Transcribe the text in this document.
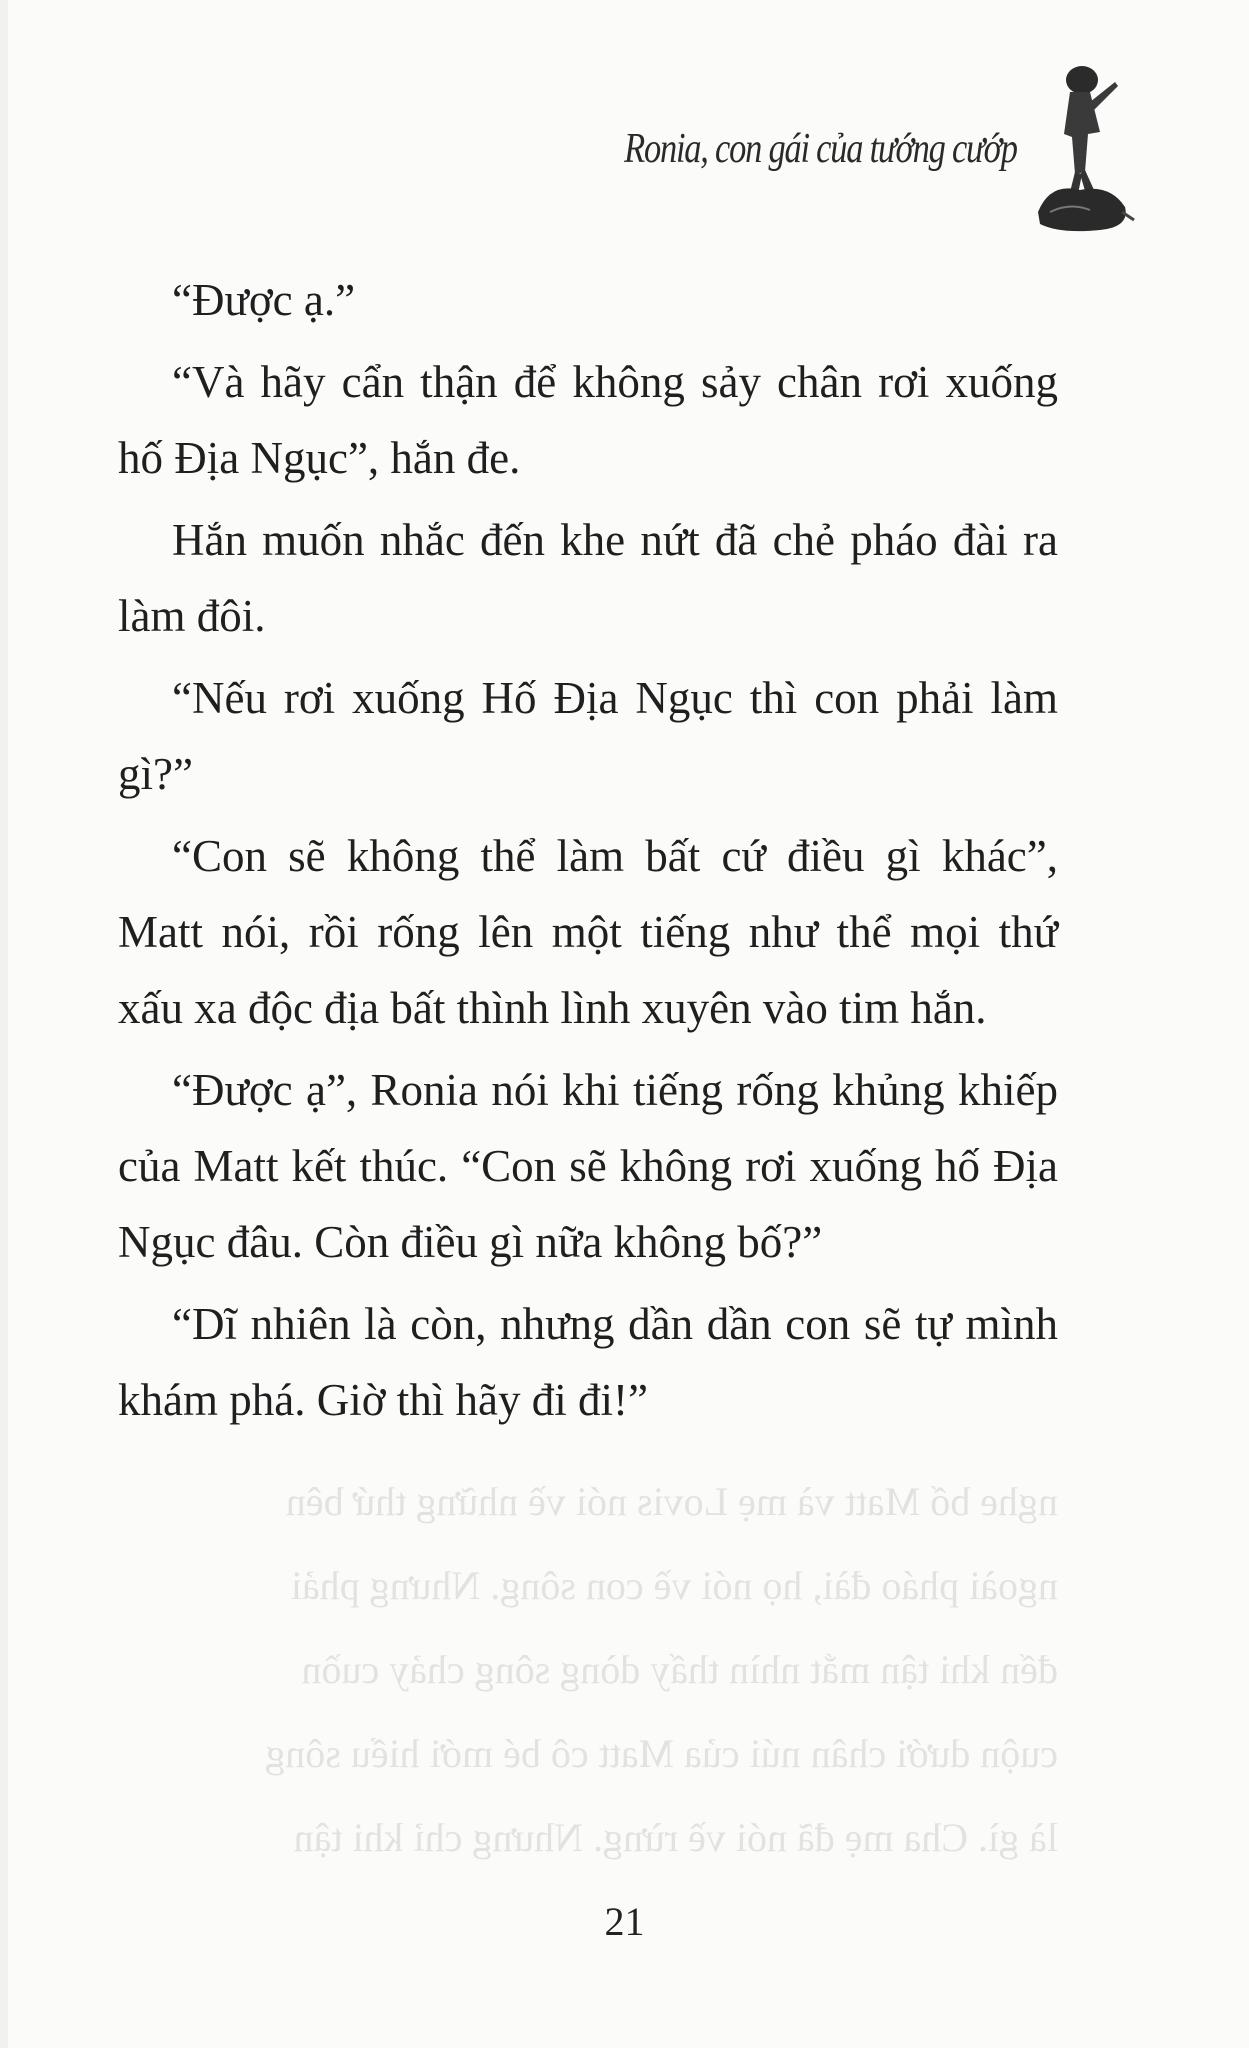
Ronia, con gái của tướng cướp
nghe bố Matt và mẹ Lovis nói về những thứ bên
ngoài pháo đài, họ nói về con sông. Nhưng phải
đến khi tận mắt nhìn thấy dòng sông chảy cuồn
cuộn dưới chân núi của Matt cô bé mới hiểu sông
là gì. Cha mẹ đã nói về rừng. Nhưng chỉ khi tận

“Được ạ.”

“Và hãy cẩn thận để không sảy chân rơi xuống hố Địa Ngục”, hắn đe.

Hắn muốn nhắc đến khe nứt đã chẻ pháo đài ra làm đôi.

“Nếu rơi xuống Hố Địa Ngục thì con phải làm gì?”

“Con sẽ không thể làm bất cứ điều gì khác”, Matt nói, rồi rống lên một tiếng như thể mọi thứ xấu xa độc địa bất thình lình xuyên vào tim hắn.

“Được ạ”, Ronia nói khi tiếng rống khủng khiếp của Matt kết thúc. “Con sẽ không rơi xuống hố Địa Ngục đâu. Còn điều gì nữa không bố?”

“Dĩ nhiên là còn, nhưng dần dần con sẽ tự mình khám phá. Giờ thì hãy đi đi!”

21
